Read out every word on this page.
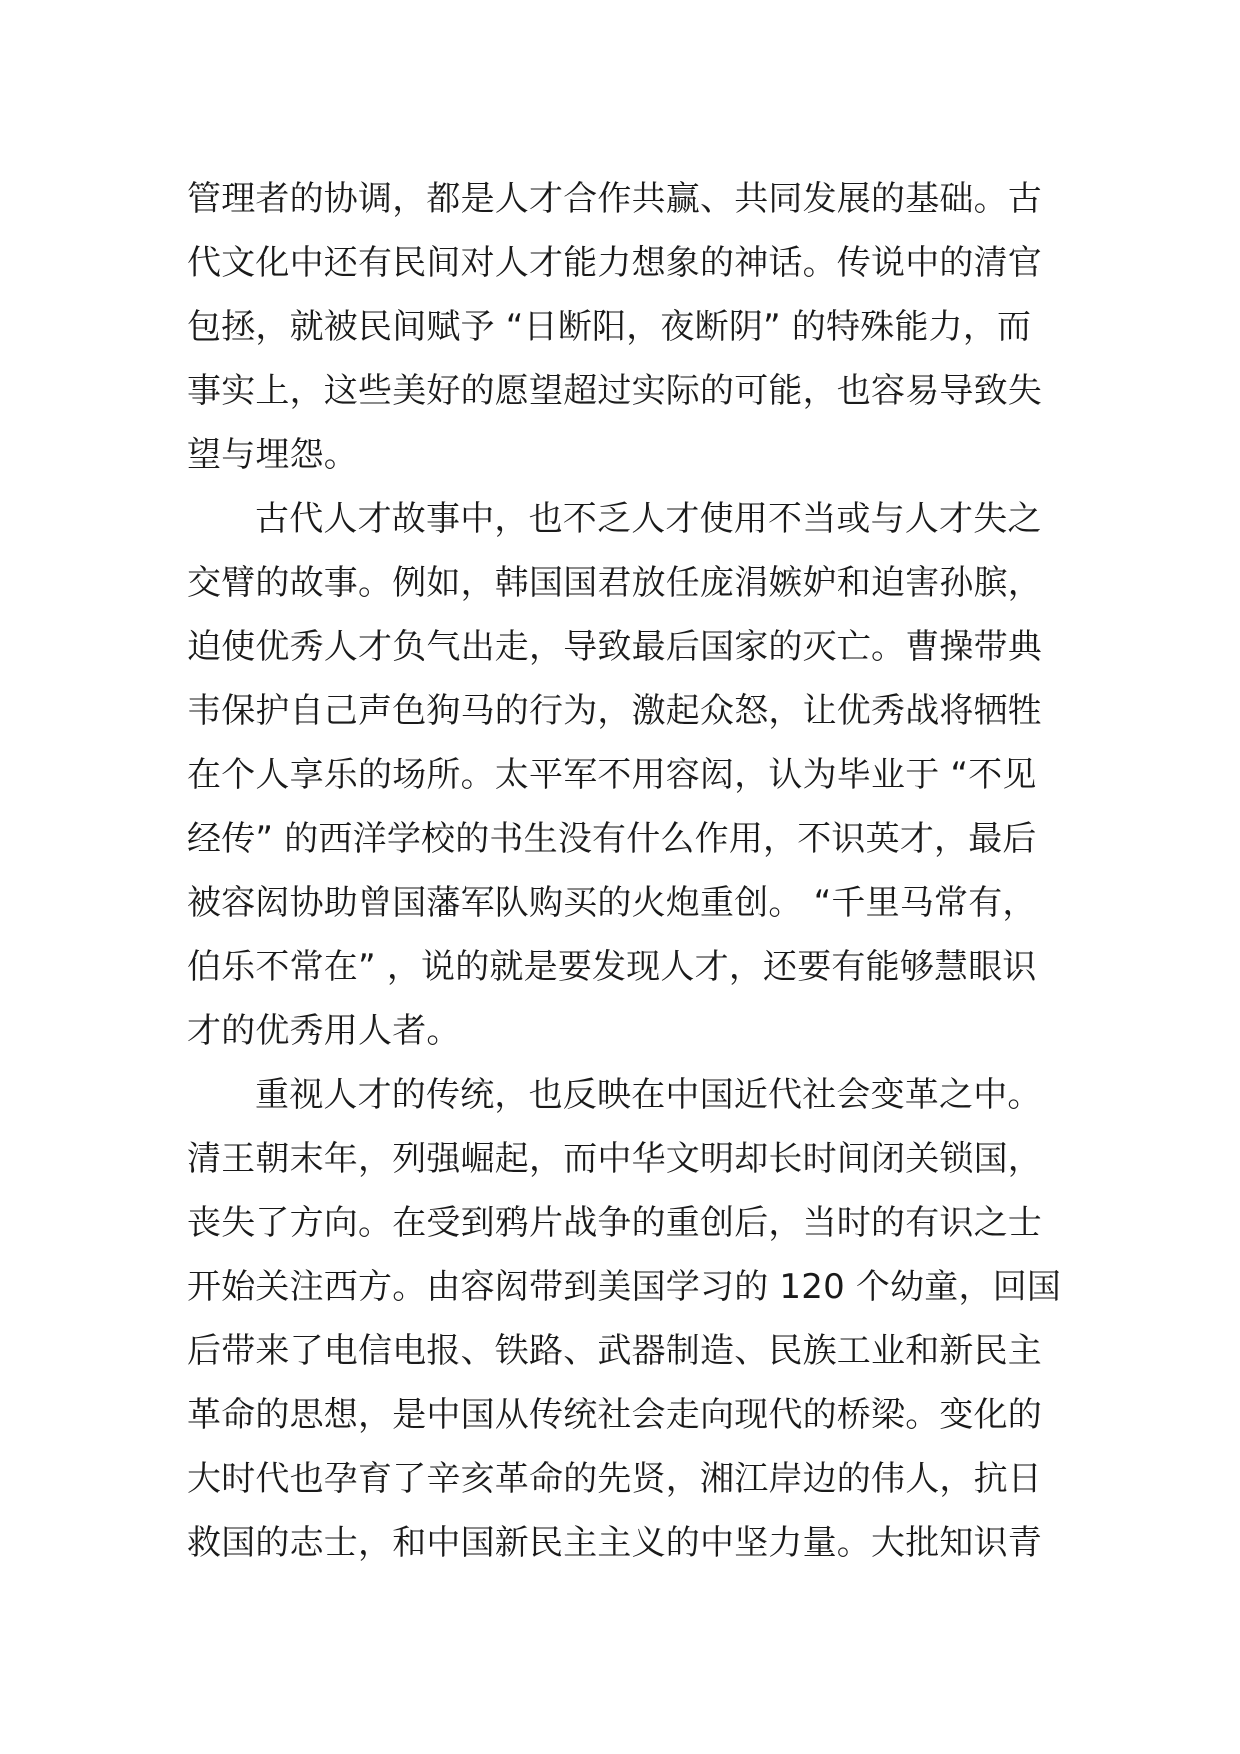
管理者的协调，都是人才合作共赢、共同发展的基础。古
代文化中还有民间对人才能力想象的神话。传说中的清官
包拯，就被民间赋予 “日断阳，夜断阴” 的特殊能力，而
事实上，这些美好的愿望超过实际的可能，也容易导致失
望与埋怨。
古代人才故事中，也不乏人才使用不当或与人才失之
交臂的故事。例如，韩国国君放任庞涓嫉妒和迫害孙膑，
迫使优秀人才负气出走，导致最后国家的灭亡。曹操带典
韦保护自己声色狗马的行为，激起众怒，让优秀战将牺牲
在个人享乐的场所。太平军不用容闳，认为毕业于 “不见
经传” 的西洋学校的书生没有什么作用，不识英才，最后
被容闳协助曾国藩军队购买的火炮重创。 “千里马常有，
伯乐不常在” ，说的就是要发现人才，还要有能够慧眼识
才的优秀用人者。
重视人才的传统，也反映在中国近代社会变革之中。
清王朝末年，列强崛起，而中华文明却长时间闭关锁国，
丧失了方向。在受到鸦片战争的重创后，当时的有识之士
开始关注西方。由容闳带到美国学习的 120 个幼童，回国
后带来了电信电报、铁路、武器制造、民族工业和新民主
革命的思想，是中国从传统社会走向现代的桥梁。变化的
大时代也孕育了辛亥革命的先贤，湘江岸边的伟人，抗日
救国的志士，和中国新民主主义的中坚力量。大批知识青
